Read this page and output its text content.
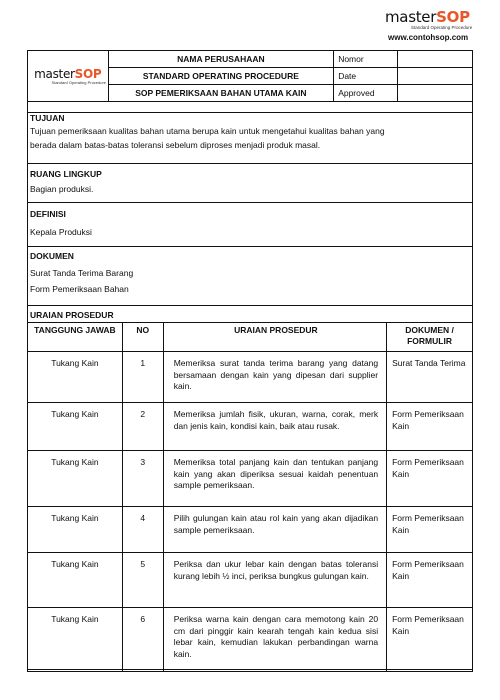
masterSOP
Standard Operating Procedure
www.contohsop.com
masterSOP
Standard Operating Procedure	NAMA PERUSAHAAN	Nomor	
	STANDARD OPERATING PROCEDURE	Date	
	SOP PEMERIKSAAN BAHAN UTAMA KAIN	Approved	

TUJUAN
Tujuan pemeriksaan kualitas bahan utama berupa kain untuk mengetahui kualitas bahan yang
berada dalam batas-batas toleransi sebelum diproses menjadi produk masal.
RUANG LINGKUP
Bagian produksi.
DEFINISI
Kepala Produksi
DOKUMEN
Surat Tanda Terima Barang
Form Pemeriksaan Bahan
URAIAN PROSEDUR
TANGGUNG JAWAB	NO	URAIAN PROSEDUR	DOKUMEN / FORMULIR
Tukang Kain	1	Memeriksa surat tanda terima barang yang datang bersamaan dengan kain yang dipesan dari supplier kain.	Surat Tanda Terima
Tukang Kain	2	Memeriksa jumlah fisik, ukuran, warna, corak, merk dan jenis kain, kondisi kain, baik atau rusak.	Form Pemeriksaan Kain
Tukang Kain	3	Memeriksa total panjang kain dan tentukan panjang kain yang akan diperiksa sesuai kaidah penentuan sample pemeriksaan.	Form Pemeriksaan Kain
Tukang Kain	4	Pilih gulungan kain atau rol kain yang akan dijadikan sample pemeriksaan.	Form Pemeriksaan Kain
Tukang Kain	5	Periksa dan ukur lebar kain dengan batas toleransi kurang lebih ½ inci, periksa bungkus gulungan kain.	Form Pemeriksaan Kain
Tukang Kain	6	Periksa warna kain dengan cara memotong kain 20 cm dari pinggir kain kearah tengah kain kedua sisi lebar kain, kemudian lakukan perbandingan warna kain.	Form Pemeriksaan Kain
